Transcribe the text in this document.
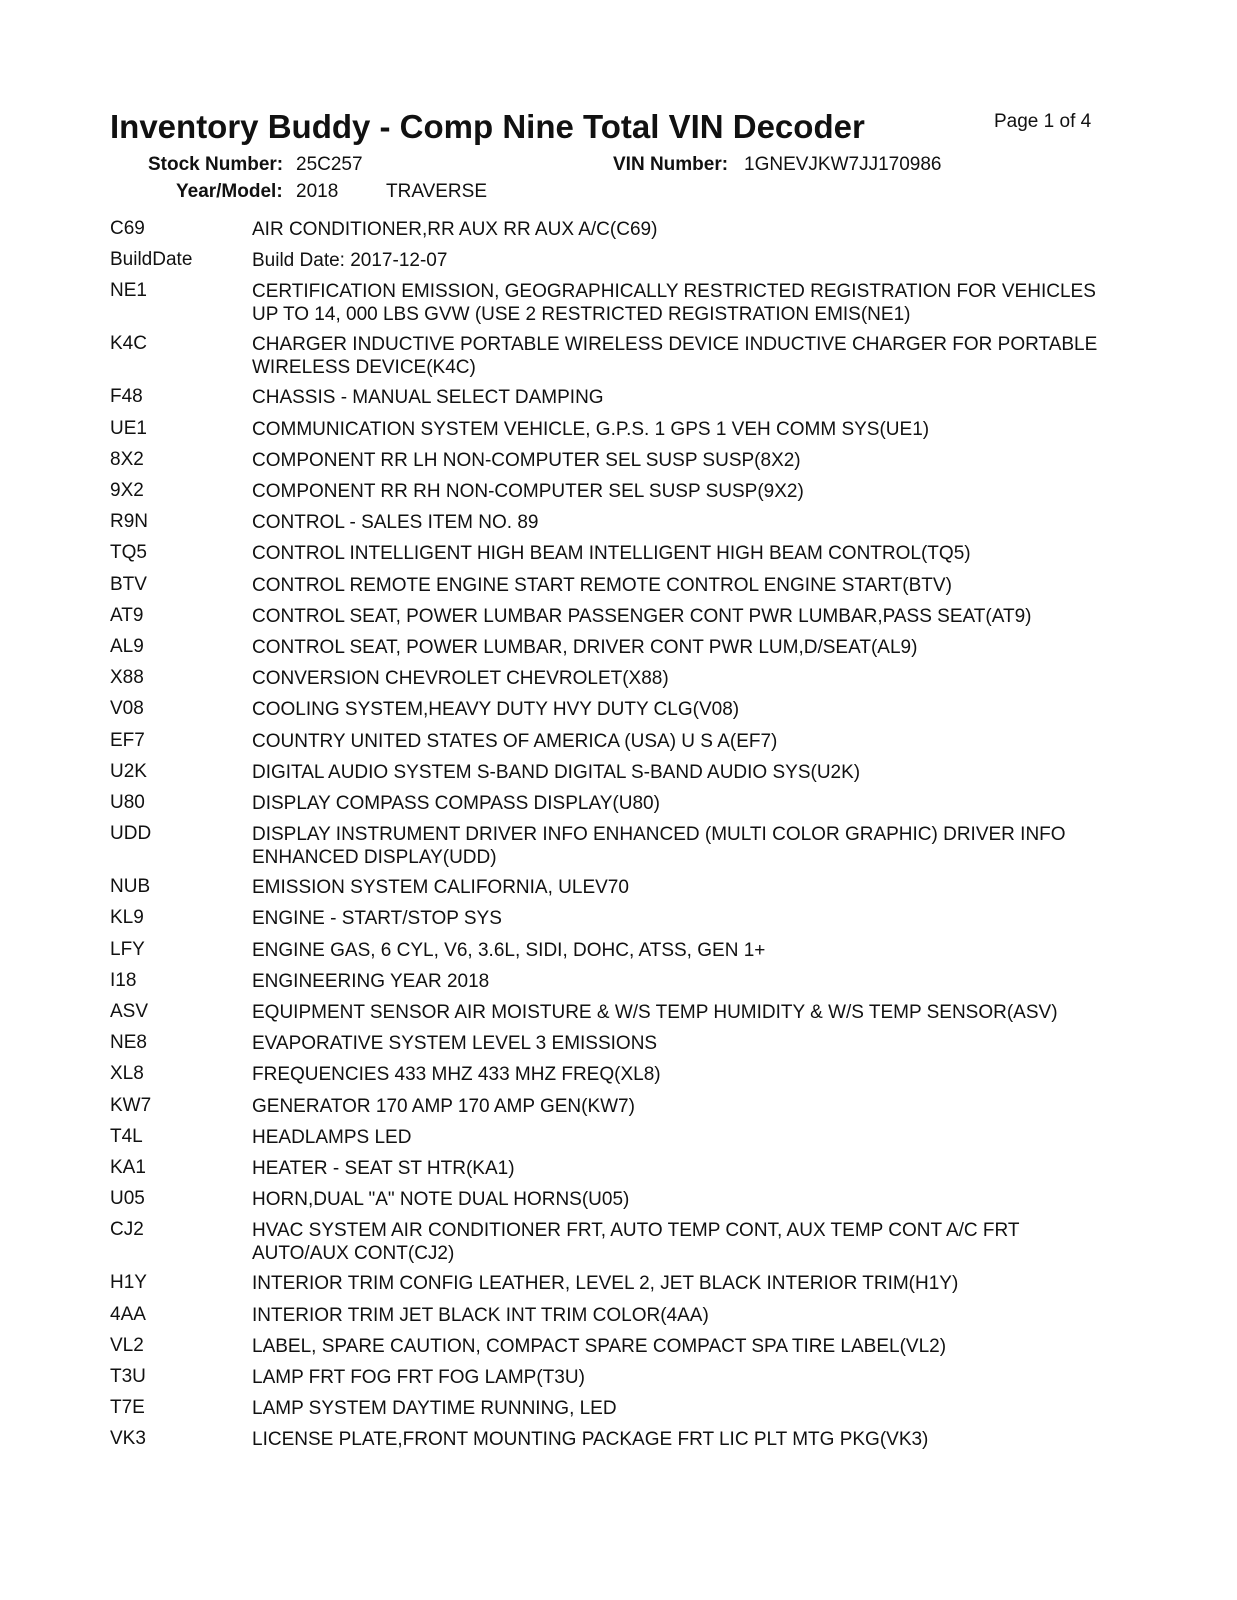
Inventory Buddy - Comp Nine Total VIN Decoder	Page 1 of 4
Stock Number: 25C257	VIN Number: 1GNEVJKW7JJ170986
Year/Model: 2018	TRAVERSE
C69	AIR CONDITIONER,RR AUX RR AUX A/C(C69)
BuildDate	Build Date: 2017-12-07
NE1	CERTIFICATION EMISSION, GEOGRAPHICALLY RESTRICTED REGISTRATION FOR VEHICLES UP TO 14, 000 LBS GVW (USE 2 RESTRICTED REGISTRATION EMIS(NE1)
K4C	CHARGER INDUCTIVE PORTABLE WIRELESS DEVICE INDUCTIVE CHARGER FOR PORTABLE WIRELESS DEVICE(K4C)
F48	CHASSIS - MANUAL SELECT DAMPING
UE1	COMMUNICATION SYSTEM VEHICLE, G.P.S. 1 GPS 1 VEH COMM SYS(UE1)
8X2	COMPONENT RR LH NON-COMPUTER SEL SUSP SUSP(8X2)
9X2	COMPONENT RR RH NON-COMPUTER SEL SUSP SUSP(9X2)
R9N	CONTROL - SALES ITEM NO. 89
TQ5	CONTROL INTELLIGENT HIGH BEAM INTELLIGENT HIGH BEAM CONTROL(TQ5)
BTV	CONTROL REMOTE ENGINE START REMOTE CONTROL ENGINE START(BTV)
AT9	CONTROL SEAT, POWER LUMBAR PASSENGER CONT PWR LUMBAR,PASS SEAT(AT9)
AL9	CONTROL SEAT, POWER LUMBAR, DRIVER CONT PWR LUM,D/SEAT(AL9)
X88	CONVERSION CHEVROLET CHEVROLET(X88)
V08	COOLING SYSTEM,HEAVY DUTY HVY DUTY CLG(V08)
EF7	COUNTRY UNITED STATES OF AMERICA (USA) U S A(EF7)
U2K	DIGITAL AUDIO SYSTEM S-BAND DIGITAL S-BAND AUDIO SYS(U2K)
U80	DISPLAY COMPASS COMPASS DISPLAY(U80)
UDD	DISPLAY INSTRUMENT DRIVER INFO ENHANCED (MULTI COLOR GRAPHIC) DRIVER INFO ENHANCED DISPLAY(UDD)
NUB	EMISSION SYSTEM CALIFORNIA, ULEV70
KL9	ENGINE - START/STOP SYS
LFY	ENGINE GAS, 6 CYL, V6, 3.6L, SIDI, DOHC, ATSS, GEN 1+
I18	ENGINEERING YEAR 2018
ASV	EQUIPMENT SENSOR AIR MOISTURE & W/S TEMP HUMIDITY & W/S TEMP SENSOR(ASV)
NE8	EVAPORATIVE SYSTEM LEVEL 3 EMISSIONS
XL8	FREQUENCIES 433 MHZ 433 MHZ FREQ(XL8)
KW7	GENERATOR 170 AMP 170 AMP GEN(KW7)
T4L	HEADLAMPS LED
KA1	HEATER - SEAT ST HTR(KA1)
U05	HORN,DUAL "A" NOTE DUAL HORNS(U05)
CJ2	HVAC SYSTEM AIR CONDITIONER FRT, AUTO TEMP CONT, AUX TEMP CONT A/C FRT AUTO/AUX CONT(CJ2)
H1Y	INTERIOR TRIM CONFIG LEATHER, LEVEL 2, JET BLACK INTERIOR TRIM(H1Y)
4AA	INTERIOR TRIM JET BLACK INT TRIM COLOR(4AA)
VL2	LABEL, SPARE CAUTION, COMPACT SPARE COMPACT SPA TIRE LABEL(VL2)
T3U	LAMP FRT FOG FRT FOG LAMP(T3U)
T7E	LAMP SYSTEM DAYTIME RUNNING, LED
VK3	LICENSE PLATE,FRONT MOUNTING PACKAGE FRT LIC PLT MTG PKG(VK3)
